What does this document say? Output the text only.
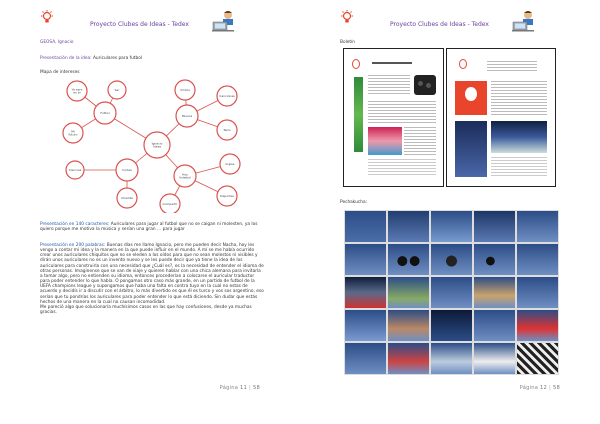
Proyecto Clubes de Ideas - Tedex
GEOSA, Ignacio
Presentación de la idea: Auriculares para futbol
Mapa de intereses
Futbol
Musica
Hoy
Voleibol
Cortes
Ignacio
Ideas
Ya sere
en tv
Ser
Mi
futuro
Vinilos
Canciones
Tenis
Ciencias
Charlita
Ingles
Compartir
Deportes
Presentación en 140 caracteres: Auriculares para jugar al futbol que no se caigan ni molesten, ya los quiero porque me motiva la música y serían una gran … para jugar
Presentación en 200 palabras: Buenas días me llamo Ignacio, pero me pueden decir Nacho, hoy les vengo a contar mi idea y la manera en la que puede influir en el mundo. A mí se me había ocurrido crear unos auriculares chiquitos que no se eleden a los oídos para que no sean molestos ni visibles y dirán unos auriculares no es un invento nuevo y se les puede decir que ya tiene la idea de los auriculares para construirla con una necesidad que ¿Cuál es?, es la necesidad de entender el idioma de otras personas. Imaginense que se van de viaje y quieren hablar con una chica alemana para invitarla a tomar algo, pero no entienden su idioma, entonces procederían a colocarse el auricular traductor para poder entender lo que habla. O pongamos otro caso más grande, en un partido de futbol de la UEFA champions league y supongamos que haba una falta en contra tuyo en la cual no estas de acuerdo y decidís ir a discutir con el árbitro, lo más divertido es que él es turco y vos sos argentino, eso serían que tu pondrías los auriculares para poder entender lo que está diciendo. Sin dudar que estás hechos de una manera en la cual no causan incomodidad.
Me pareció algo que solucionaría muchísimos casos en las que hay confusiones, desde ya muchas gracias.
Página 11 | 58
Proyecto Clubes de Ideas - Tedex
Boletín
Pechakucha:
Página 12 | 58
